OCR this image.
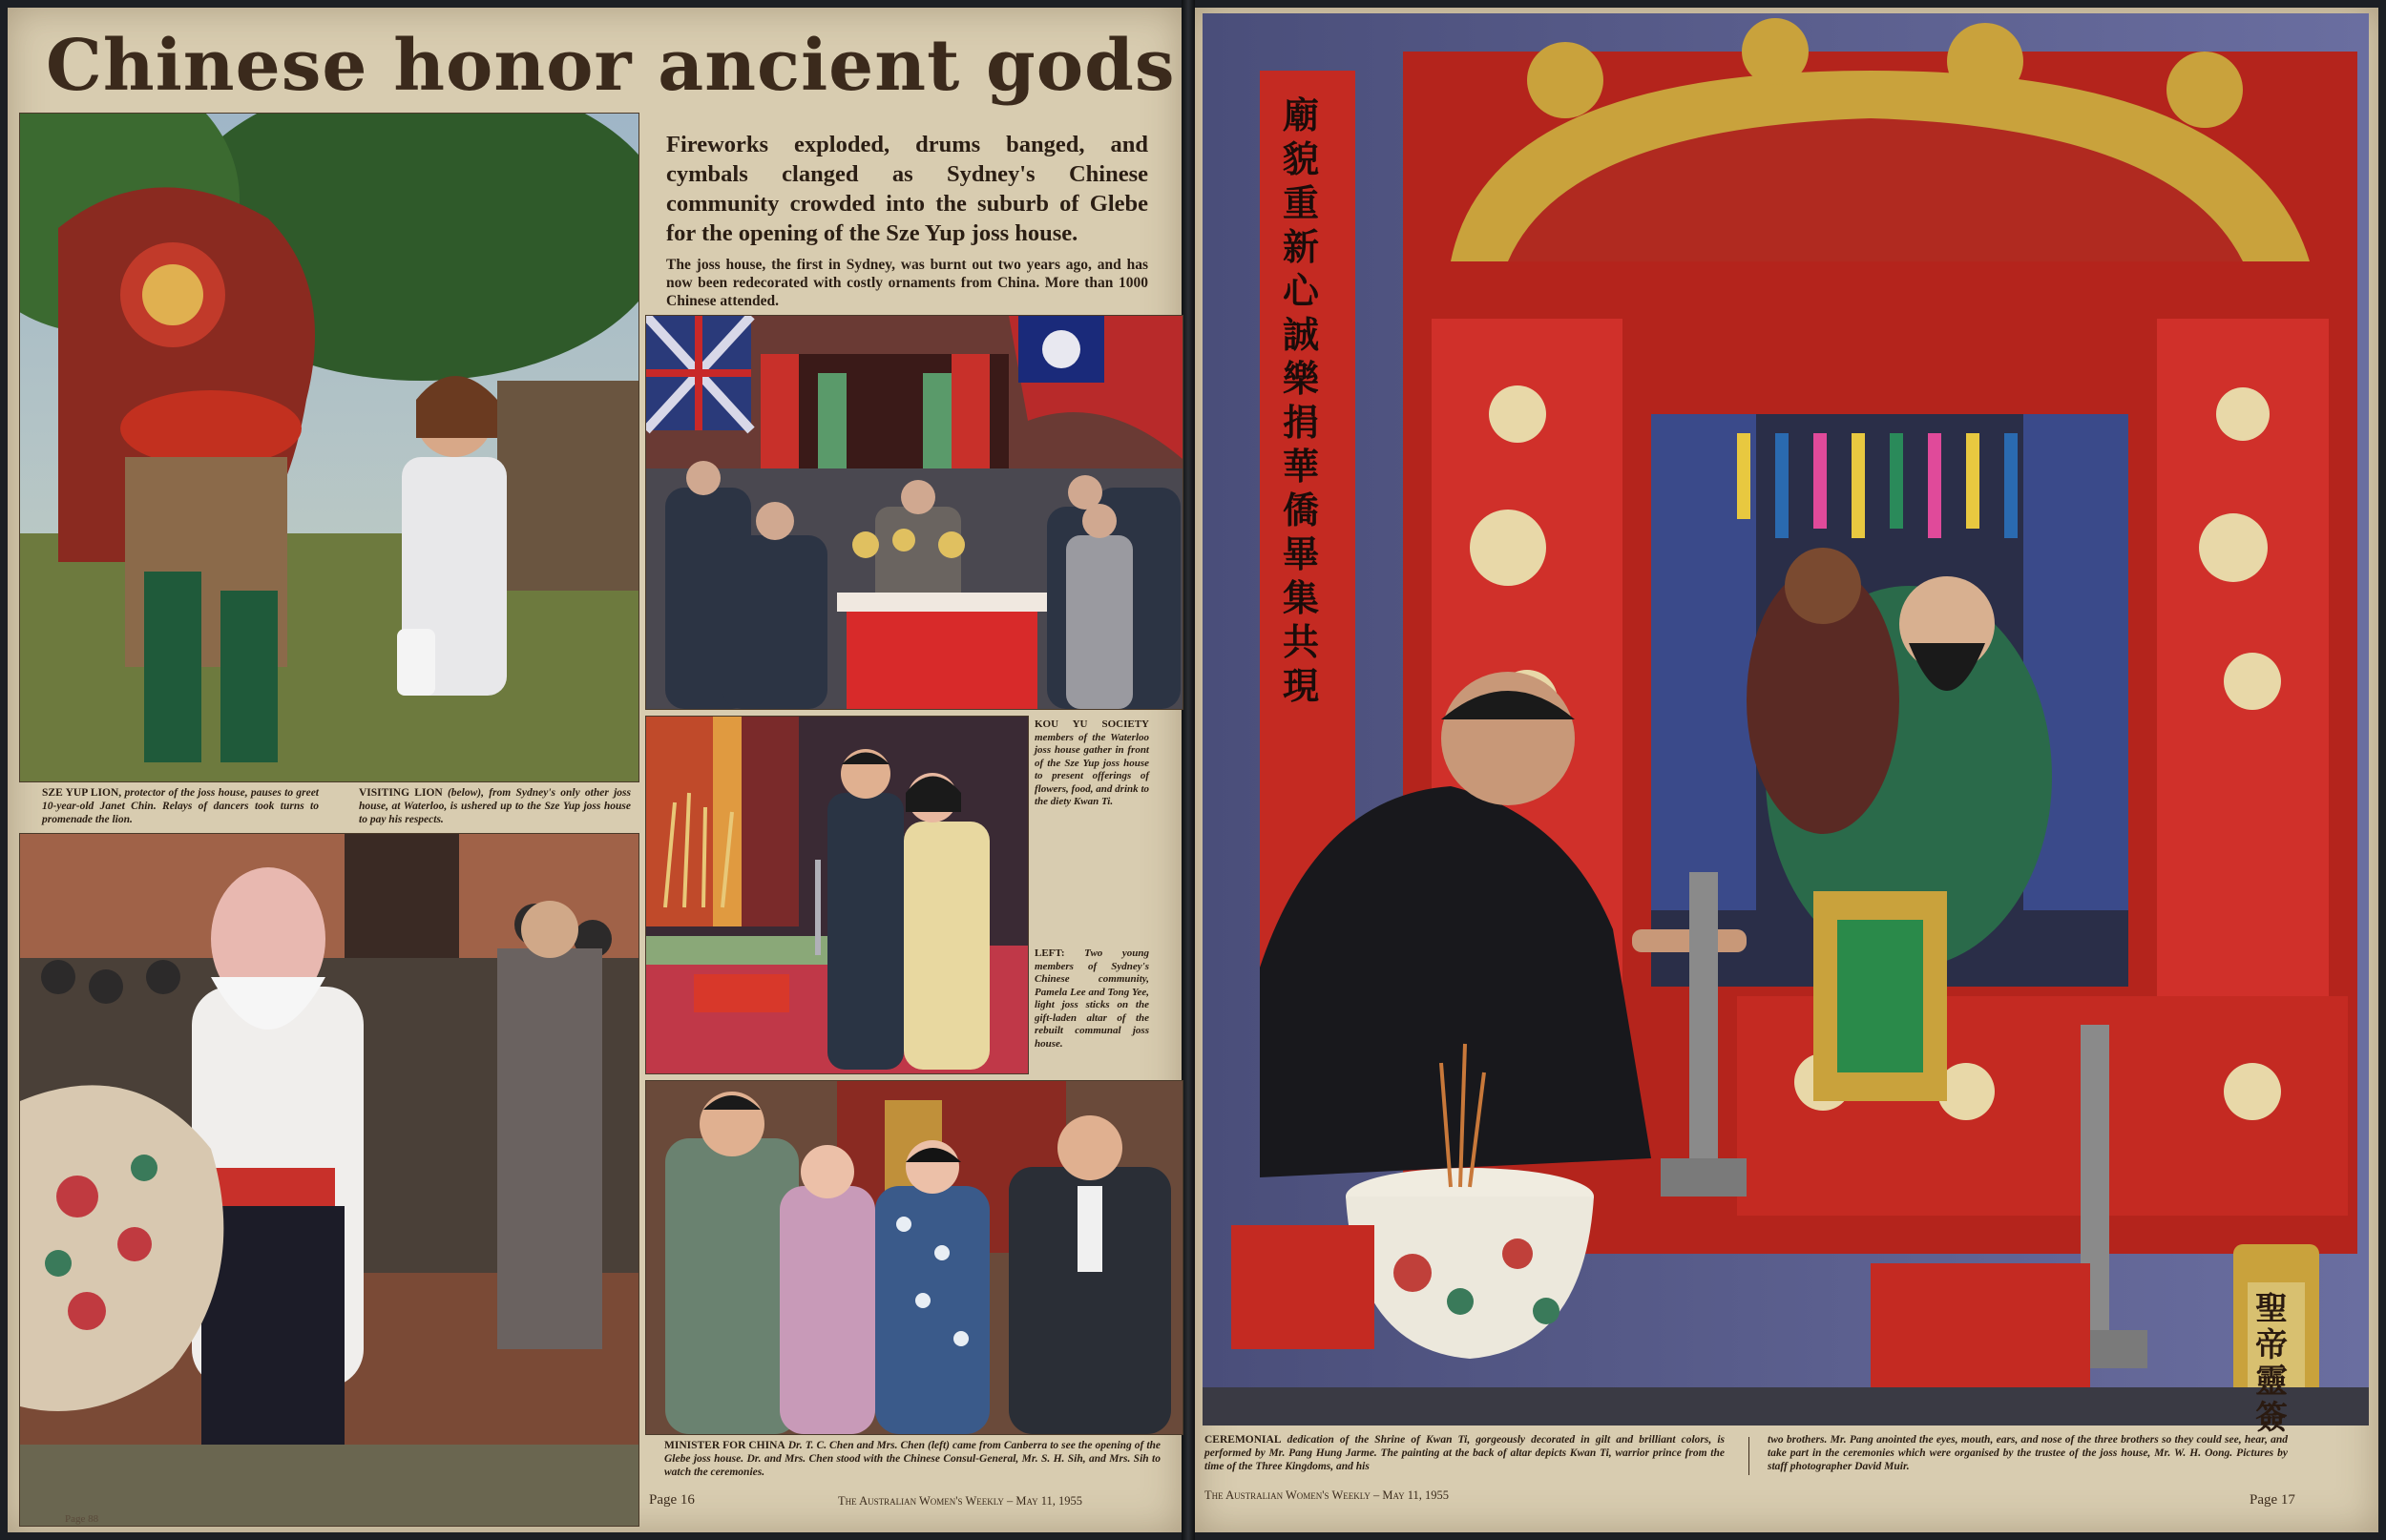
Chinese honor ancient gods

SZE YUP LION, protector of the joss house, pauses to greet 10-year-old Janet Chin. Relays of dancers took turns to promenade the lion.

VISITING LION (below), from Sydney's only other joss house, at Waterloo, is ushered up to the Sze Yup joss house to pay his respects.

Fireworks exploded, drums banged, and cymbals clanged as Sydney's Chinese community crowded into the suburb of Glebe for the opening of the Sze Yup joss house.

The joss house, the first in Sydney, was burnt out two years ago, and has now been redecorated with costly ornaments from China. More than 1000 Chinese attended.

KOU YU SOCIETY members of the Waterloo joss house gather in front of the Sze Yup joss house to present offerings of flowers, food, and drink to the diety Kwan Ti.

LEFT: Two young members of Sydney's Chinese community, Pamela Lee and Tong Yee, light joss sticks on the gift-laden altar of the rebuilt communal joss house.

MINISTER FOR CHINA Dr. T. C. Chen and Mrs. Chen (left) came from Canberra to see the opening of the Glebe joss house. Dr. and Mrs. Chen stood with the Chinese Consul-General, Mr. S. H. Sih, and Mrs. Sih to watch the ceremonies.

Page 16	The Australian Women's Weekly – May 11, 1955
Page 88
廟貌重新心誠樂捐華僑畢集共現
聖帝靈簽

CEREMONIAL dedication of the Shrine of Kwan Ti, gorgeously decorated in gilt and brilliant colors, is performed by Mr. Pang Hung Jarme. The painting at the back of altar depicts Kwan Ti, warrior prince from the time of the Three Kingdoms, and his

two brothers. Mr. Pang anointed the eyes, mouth, ears, and nose of the three brothers so they could see, hear, and take part in the ceremonies which were organised by the trustee of the joss house, Mr. W. H. Oong. Pictures by staff photographer David Muir.

The Australian Women's Weekly – May 11, 1955	Page 17
